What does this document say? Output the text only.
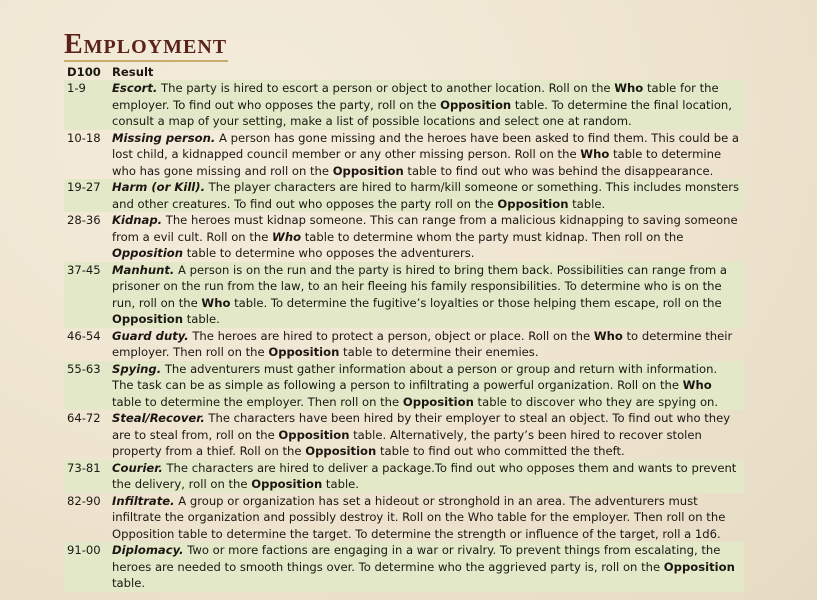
Employment
D100	Result
1-9	Escort. The party is hired to escort a person or object to another location. Roll on the Who table for the employer. To find out who opposes the party, roll on the Opposition table. To determine the final location, consult a map of your setting, make a list of possible locations and select one at random.
10-18	Missing person. A person has gone missing and the heroes have been asked to find them. This could be a lost child, a kidnapped council member or any other missing person. Roll on the Who table to determine who has gone missing and roll on the Opposition table to find out who was behind the disappearance.
19-27	Harm (or Kill). The player characters are hired to harm/kill someone or something. This includes monsters and other creatures. To find out who opposes the party roll on the Opposition table.
28-36	Kidnap. The heroes must kidnap someone. This can range from a malicious kidnapping to saving someone from a evil cult. Roll on the Who table to determine whom the party must kidnap. Then roll on the Opposition table to determine who opposes the adventurers.
37-45	Manhunt. A person is on the run and the party is hired to bring them back. Possibilities can range from a prisoner on the run from the law, to an heir fleeing his family responsibilities. To determine who is on the run, roll on the Who table. To determine the fugitive’s loyalties or those helping them escape, roll on the Opposition table.
46-54	Guard duty. The heroes are hired to protect a person, object or place. Roll on the Who to determine their employer. Then roll on the Opposition table to determine their enemies.
55-63	Spying. The adventurers must gather information about a person or group and return with information. The task can be as simple as following a person to infiltrating a powerful organization. Roll on the Who table to determine the employer. Then roll on the Opposition table to discover who they are spying on.
64-72	Steal/Recover. The characters have been hired by their employer to steal an object. To find out who they are to steal from, roll on the Opposition table. Alternatively, the party’s been hired to recover stolen property from a thief. Roll on the Opposition table to find out who committed the theft.
73-81	Courier. The characters are hired to deliver a package.To find out who opposes them and wants to prevent the delivery, roll on the Opposition table.
82-90	Infiltrate. A group or organization has set a hideout or stronghold in an area. The adventurers must infiltrate the organization and possibly destroy it. Roll on the Who table for the employer. Then roll on the Opposition table to determine the target. To determine the strength or influence of the target, roll a 1d6.
91-00	Diplomacy. Two or more factions are engaging in a war or rivalry. To prevent things from escalating, the heroes are needed to smooth things over. To determine who the aggrieved party is, roll on the Opposition table.
